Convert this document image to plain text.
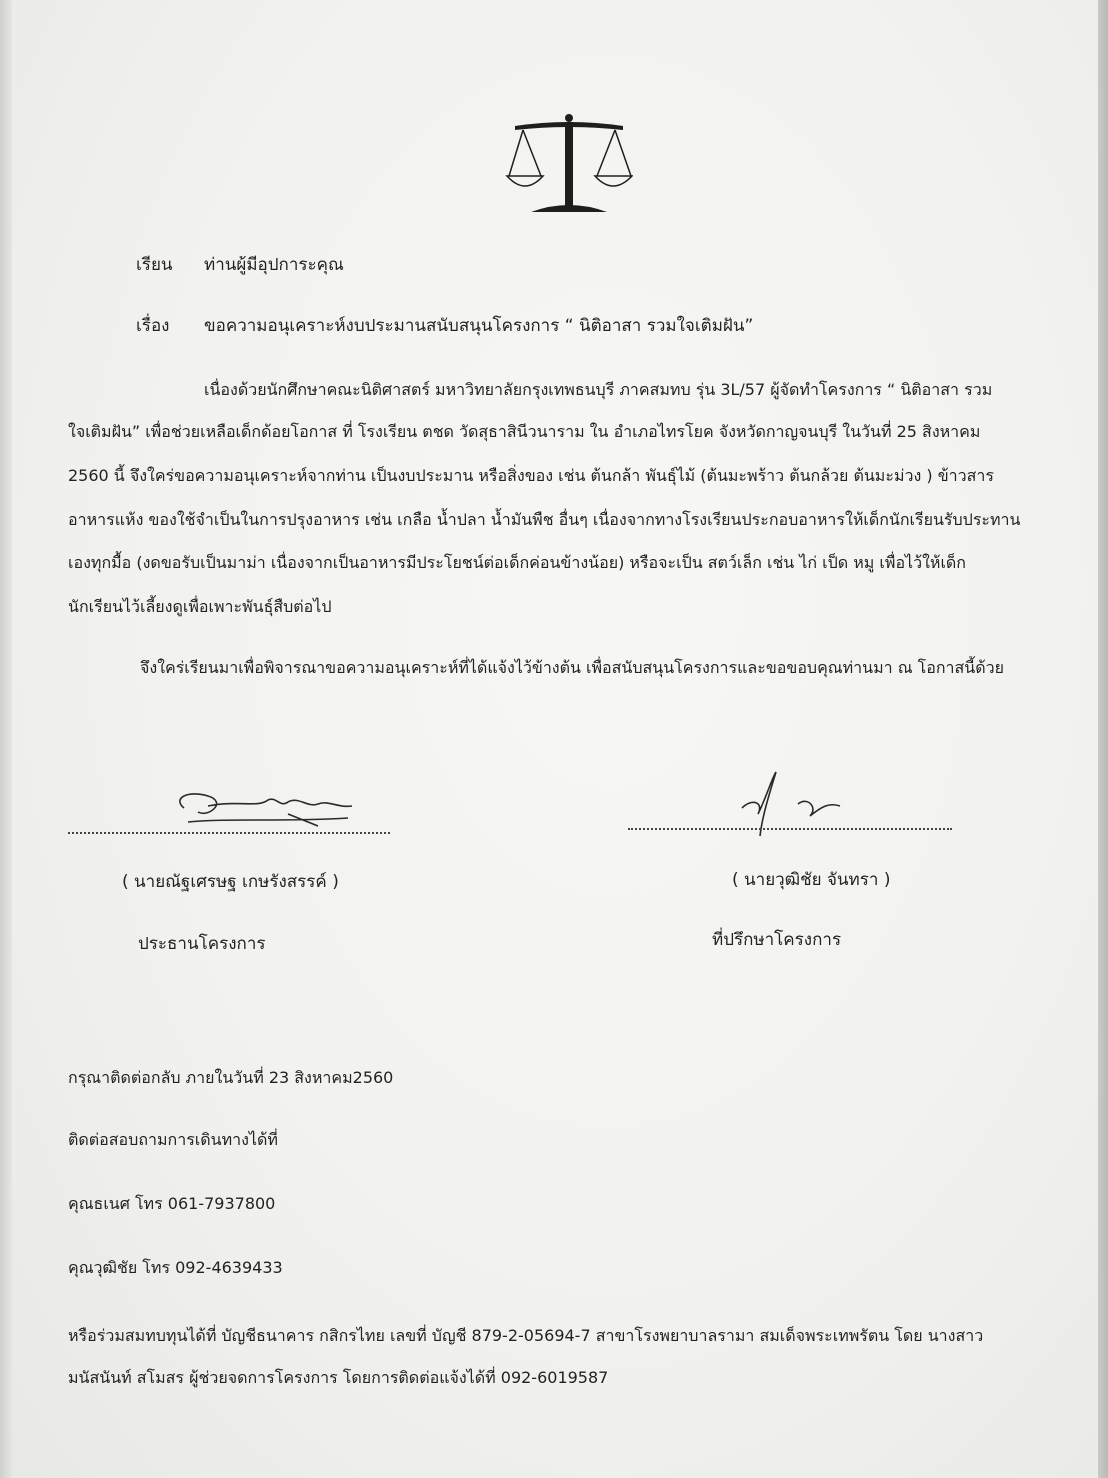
เรียน ท่านผู้มีอุปการะคุณ
เรื่อง ขอความอนุเคราะห์งบประมานสนับสนุนโครงการ “ นิติอาสา รวมใจเติมฝัน”
เนื่องด้วยนักศึกษาคณะนิติศาสตร์ มหาวิทยาลัยกรุงเทพธนบุรี ภาคสมทบ รุ่น 3L/57 ผู้จัดทำโครงการ “ นิติอาสา รวม
ใจเติมฝัน” เพื่อช่วยเหลือเด็กด้อยโอกาส ที่ โรงเรียน ตชด วัดสุธาสินีวนาราม ใน อำเภอไทรโยค จังหวัดกาญจนบุรี ในวันที่ 25 สิงหาคม
2560 นี้ จึงใคร่ขอความอนุเคราะห์จากท่าน เป็นงบประมาน หรือสิ่งของ เช่น ต้นกล้า พันธุ์ไม้ (ต้นมะพร้าว ต้นกล้วย ต้นมะม่วง ) ข้าวสาร
อาหารแห้ง ของใช้จำเป็นในการปรุงอาหาร เช่น เกลือ น้ำปลา น้ำมันพืช อื่นๆ เนื่องจากทางโรงเรียนประกอบอาหารให้เด็กนักเรียนรับประทาน
เองทุกมื้อ (งดขอรับเป็นมาม่า เนื่องจากเป็นอาหารมีประโยชน์ต่อเด็กค่อนข้างน้อย) หรือจะเป็น สตว์เล็ก เช่น ไก่ เป็ด หมู เพื่อไว้ให้เด็ก
นักเรียนไว้เลี้ยงดูเพื่อเพาะพันธุ์สืบต่อไป
จึงใคร่เรียนมาเพื่อพิจารณาขอความอนุเคราะห์ที่ได้แจ้งไว้ข้างต้น เพื่อสนับสนุนโครงการและขอขอบคุณท่านมา ณ โอกาสนี้ด้วย
( นายณัฐเศรษฐ เกษรังสรรค์ )
ประธานโครงการ
( นายวุฒิชัย จันทรา )
ที่ปรึกษาโครงการ
กรุณาติดต่อกลับ ภายในวันที่ 23 สิงหาคม2560
ติดต่อสอบถามการเดินทางได้ที่
คุณธเนศ โทร 061-7937800
คุณวุฒิชัย โทร 092-4639433
หรือร่วมสมทบทุนได้ที่ บัญชีธนาคาร กสิกรไทย เลขที่ บัญชี 879-2-05694-7 สาขาโรงพยาบาลรามา สมเด็จพระเทพรัตน โดย นางสาว
มนัสนันท์ สโมสร ผู้ช่วยจดการโครงการ โดยการติดต่อแจ้งได้ที่ 092-6019587
